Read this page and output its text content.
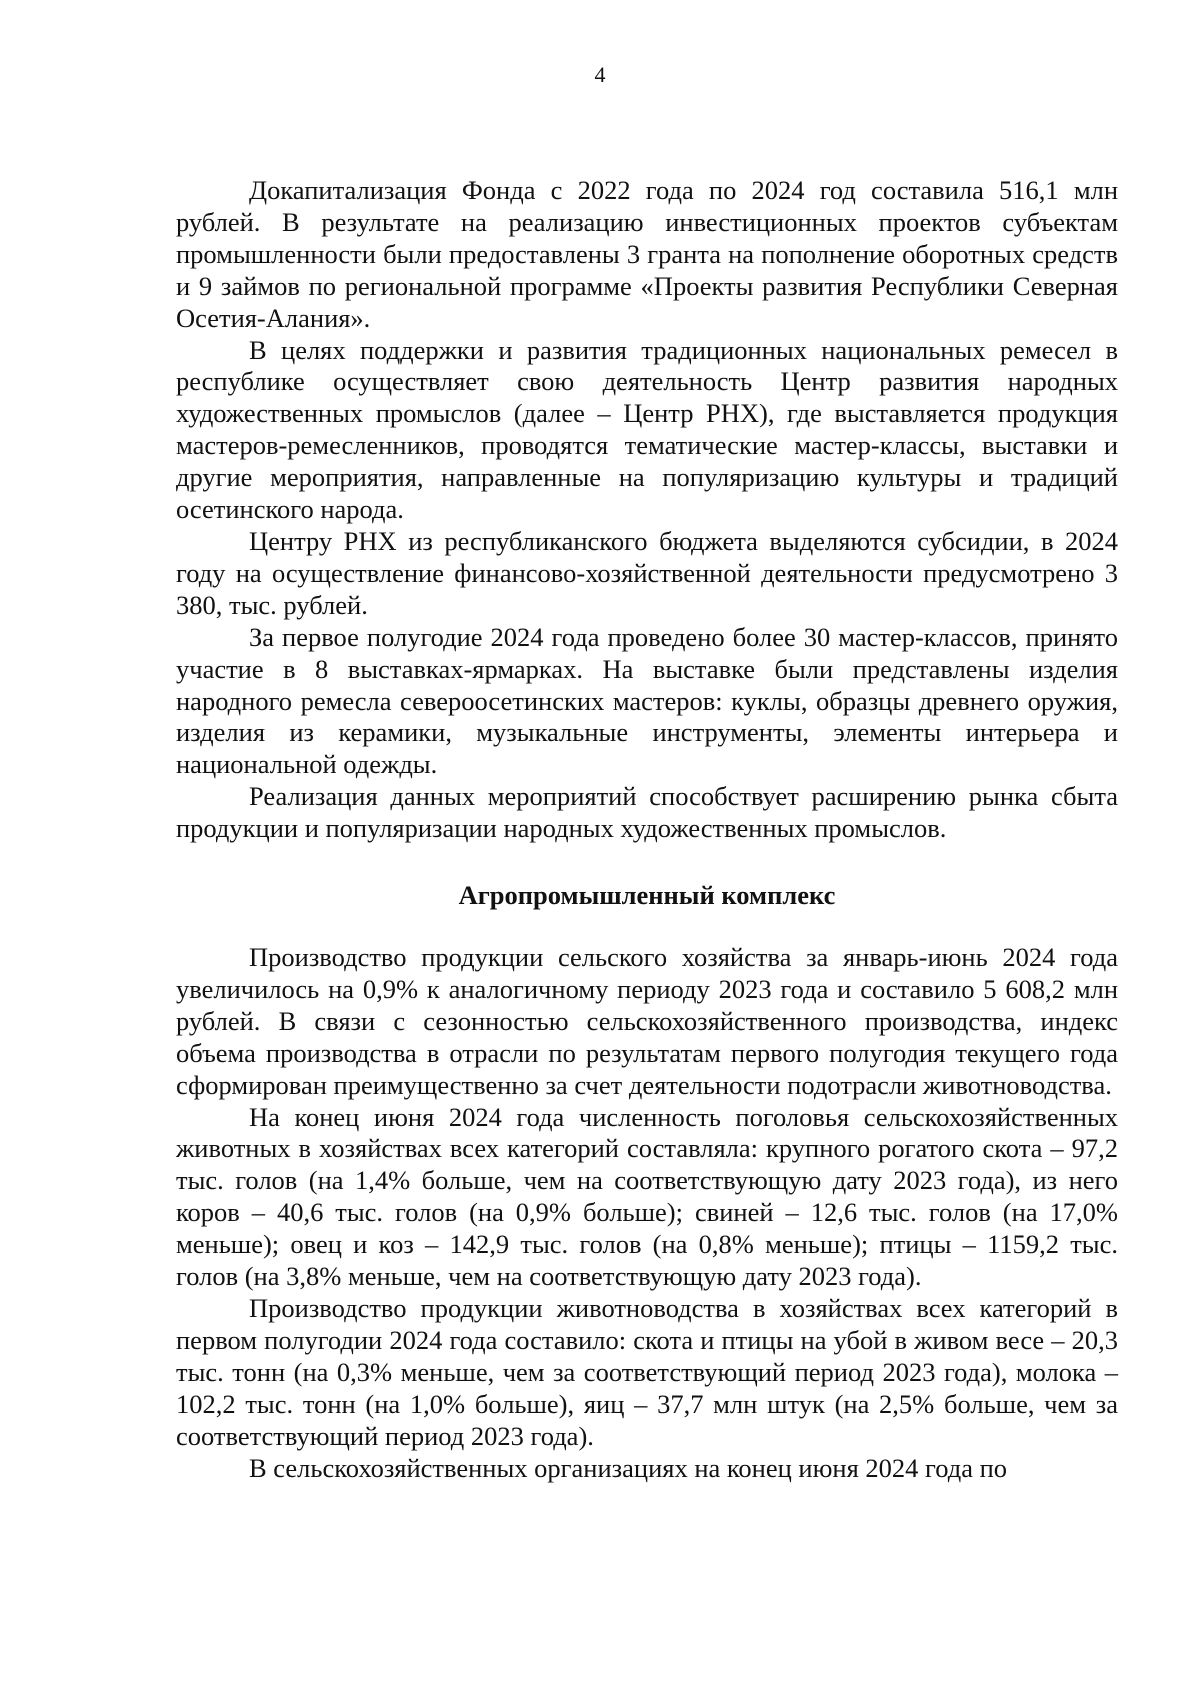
4

Докапитализация Фонда с 2022 года по 2024 год составила 516,1 млн рублей. В результате на реализацию инвестиционных проектов субъектам промышленности были предоставлены 3 гранта на пополнение оборотных средств и 9 займов по региональной программе «Проекты развития Республики Северная Осетия-Алания».

В целях поддержки и развития традиционных национальных ремесел в республике осуществляет свою деятельность Центр развития народных художественных промыслов (далее – Центр РНХ), где выставляется продукция мастеров-ремесленников, проводятся тематические мастер-классы, выставки и другие мероприятия, направленные на популяризацию культуры и традиций осетинского народа.

Центру РНХ из республиканского бюджета выделяются субсидии, в 2024 году на осуществление финансово-хозяйственной деятельности предусмотрено 3 380, тыс. рублей.

За первое полугодие 2024 года проведено более 30 мастер-классов, принято участие в 8 выставках-ярмарках. На выставке были представлены изделия народного ремесла североосетинских мастеров: куклы, образцы древнего оружия, изделия из керамики, музыкальные инструменты, элементы интерьера и национальной одежды.

Реализация данных мероприятий способствует расширению рынка сбыта продукции и популяризации народных художественных промыслов.

Агропромышленный комплекс

Производство продукции сельского хозяйства за январь-июнь 2024 года увеличилось на 0,9% к аналогичному периоду 2023 года и составило 5 608,2 млн рублей. В связи с сезонностью сельскохозяйственного производства, индекс объема производства в отрасли по результатам первого полугодия текущего года сформирован преимущественно за счет деятельности подотрасли животноводства.

На конец июня 2024 года численность поголовья сельскохозяйственных животных в хозяйствах всех категорий составляла: крупного рогатого скота – 97,2 тыс. голов (на 1,4% больше, чем на соответствующую дату 2023 года), из него коров – 40,6 тыс. голов (на 0,9% больше); свиней – 12,6 тыс. голов (на 17,0% меньше); овец и коз – 142,9 тыс. голов (на 0,8% меньше); птицы – 1159,2 тыс. голов (на 3,8% меньше, чем на соответствующую дату 2023 года).

Производство продукции животноводства в хозяйствах всех категорий в первом полугодии 2024 года составило: скота и птицы на убой в живом весе – 20,3 тыс. тонн (на 0,3% меньше, чем за соответствующий период 2023 года), молока – 102,2 тыс. тонн (на 1,0% больше), яиц – 37,7 млн штук (на 2,5% больше, чем за соответствующий период 2023 года).

В сельскохозяйственных организациях на конец июня 2024 года по
